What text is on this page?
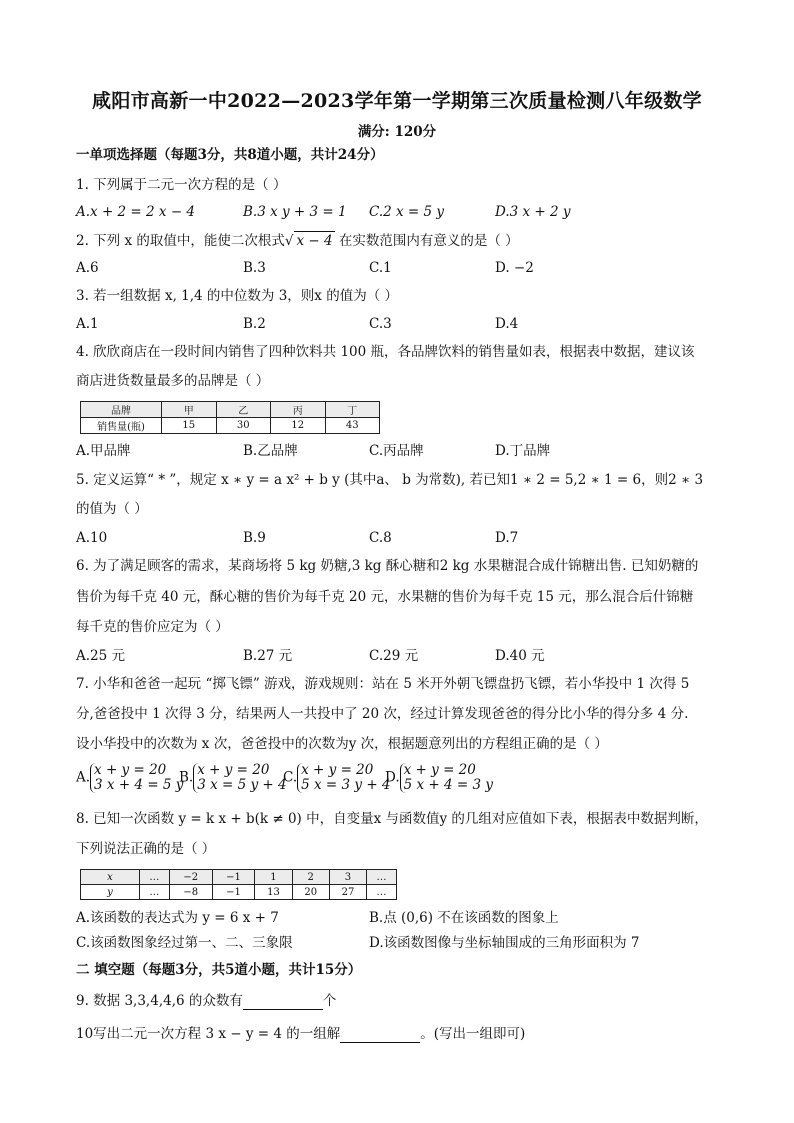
咸阳市高新一中2022—2023学年第一学期第三次质量检测八年级数学
满分: 120分
一单项选择题（每题3分，共8道小题，共计24分）
1. 下列属于二元一次方程的是（ ）
A.x + 2 = 2 x − 4	B.3 x y + 3 = 1 C.2 x = 5 y	D.3 x + 2 y
2. 下列 x 的取值中，能使二次根式√ x − 4 在实数范围内有意义的是（ ）
A.6	B.3	C.1	D. −2
3. 若一组数据 x, 1,4 的中位数为 3，则x 的值为（ ）
A.1	B.2	C.3	D.4
4. 欣欣商店在一段时间内销售了四种饮料共 100 瓶，各品牌饮料的销售量如表，根据表中数据，建议该
商店进货数量最多的品牌是（ ）
品牌	甲	乙	丙	丁
销售量(瓶)	15	30	12	43
A.甲品牌	B.乙品牌	C.丙品牌	D.丁品牌
5. 定义运算“ * ”，规定 x ∗ y = a x² + b y (其中a、 b 为常数), 若已知1 ∗ 2 = 5,2 ∗ 1 = 6，则2 ∗ 3
的值为（ ）
A.10	B.9	C.8	D.7
6. 为了满足顾客的需求，某商场将 5 kg 奶糖,3 kg 酥心糖和2 kg 水果糖混合成什锦糖出售. 已知奶糖的
售价为每千克 40 元，酥心糖的售价为每千克 20 元，水果糖的售价为每千克 15 元，那么混合后什锦糖
每千克的售价应定为（ ）
A.25 元	B.27 元	C.29 元	D.40 元
7. 小华和爸爸一起玩 “掷飞镖” 游戏，游戏规则：站在 5 米开外朝飞镖盘扔飞镖，若小华投中 1 次得 5
分,爸爸投中 1 次得 3 分，结果两人一共投中了 20 次，经过计算发现爸爸的得分比小华的得分多 4 分.
设小华投中的次数为 x 次，爸爸投中的次数为y 次，根据题意列出的方程组正确的是（ ）
A. x + y = 20
3 x + 4 = 5 y
B. x + y = 20
3 x = 5 y + 4
C. x + y = 20
5 x = 3 y + 4
D. x + y = 20
5 x + 4 = 3 y
8. 已知一次函数 y = k x + b(k ≠ 0) 中，自变量x 与函数值y 的几组对应值如下表，根据表中数据判断，
下列说法正确的是（ ）
x	…	−2	−1	1	2	3	…
y	…	−8	−1	13	20	27	…
A.该函数的表达式为 y = 6 x + 7	B.点 (0,6) 不在该函数的图象上
C.该函数图象经过第一、二、三象限	D.该函数图像与坐标轴围成的三角形面积为 7
二 填空题（每题3分，共5道小题，共计15分）
9. 数据 3,3,4,4,6 的众数有	个
10写出二元一次方程 3 x − y = 4 的一组解	。(写出一组即可)
